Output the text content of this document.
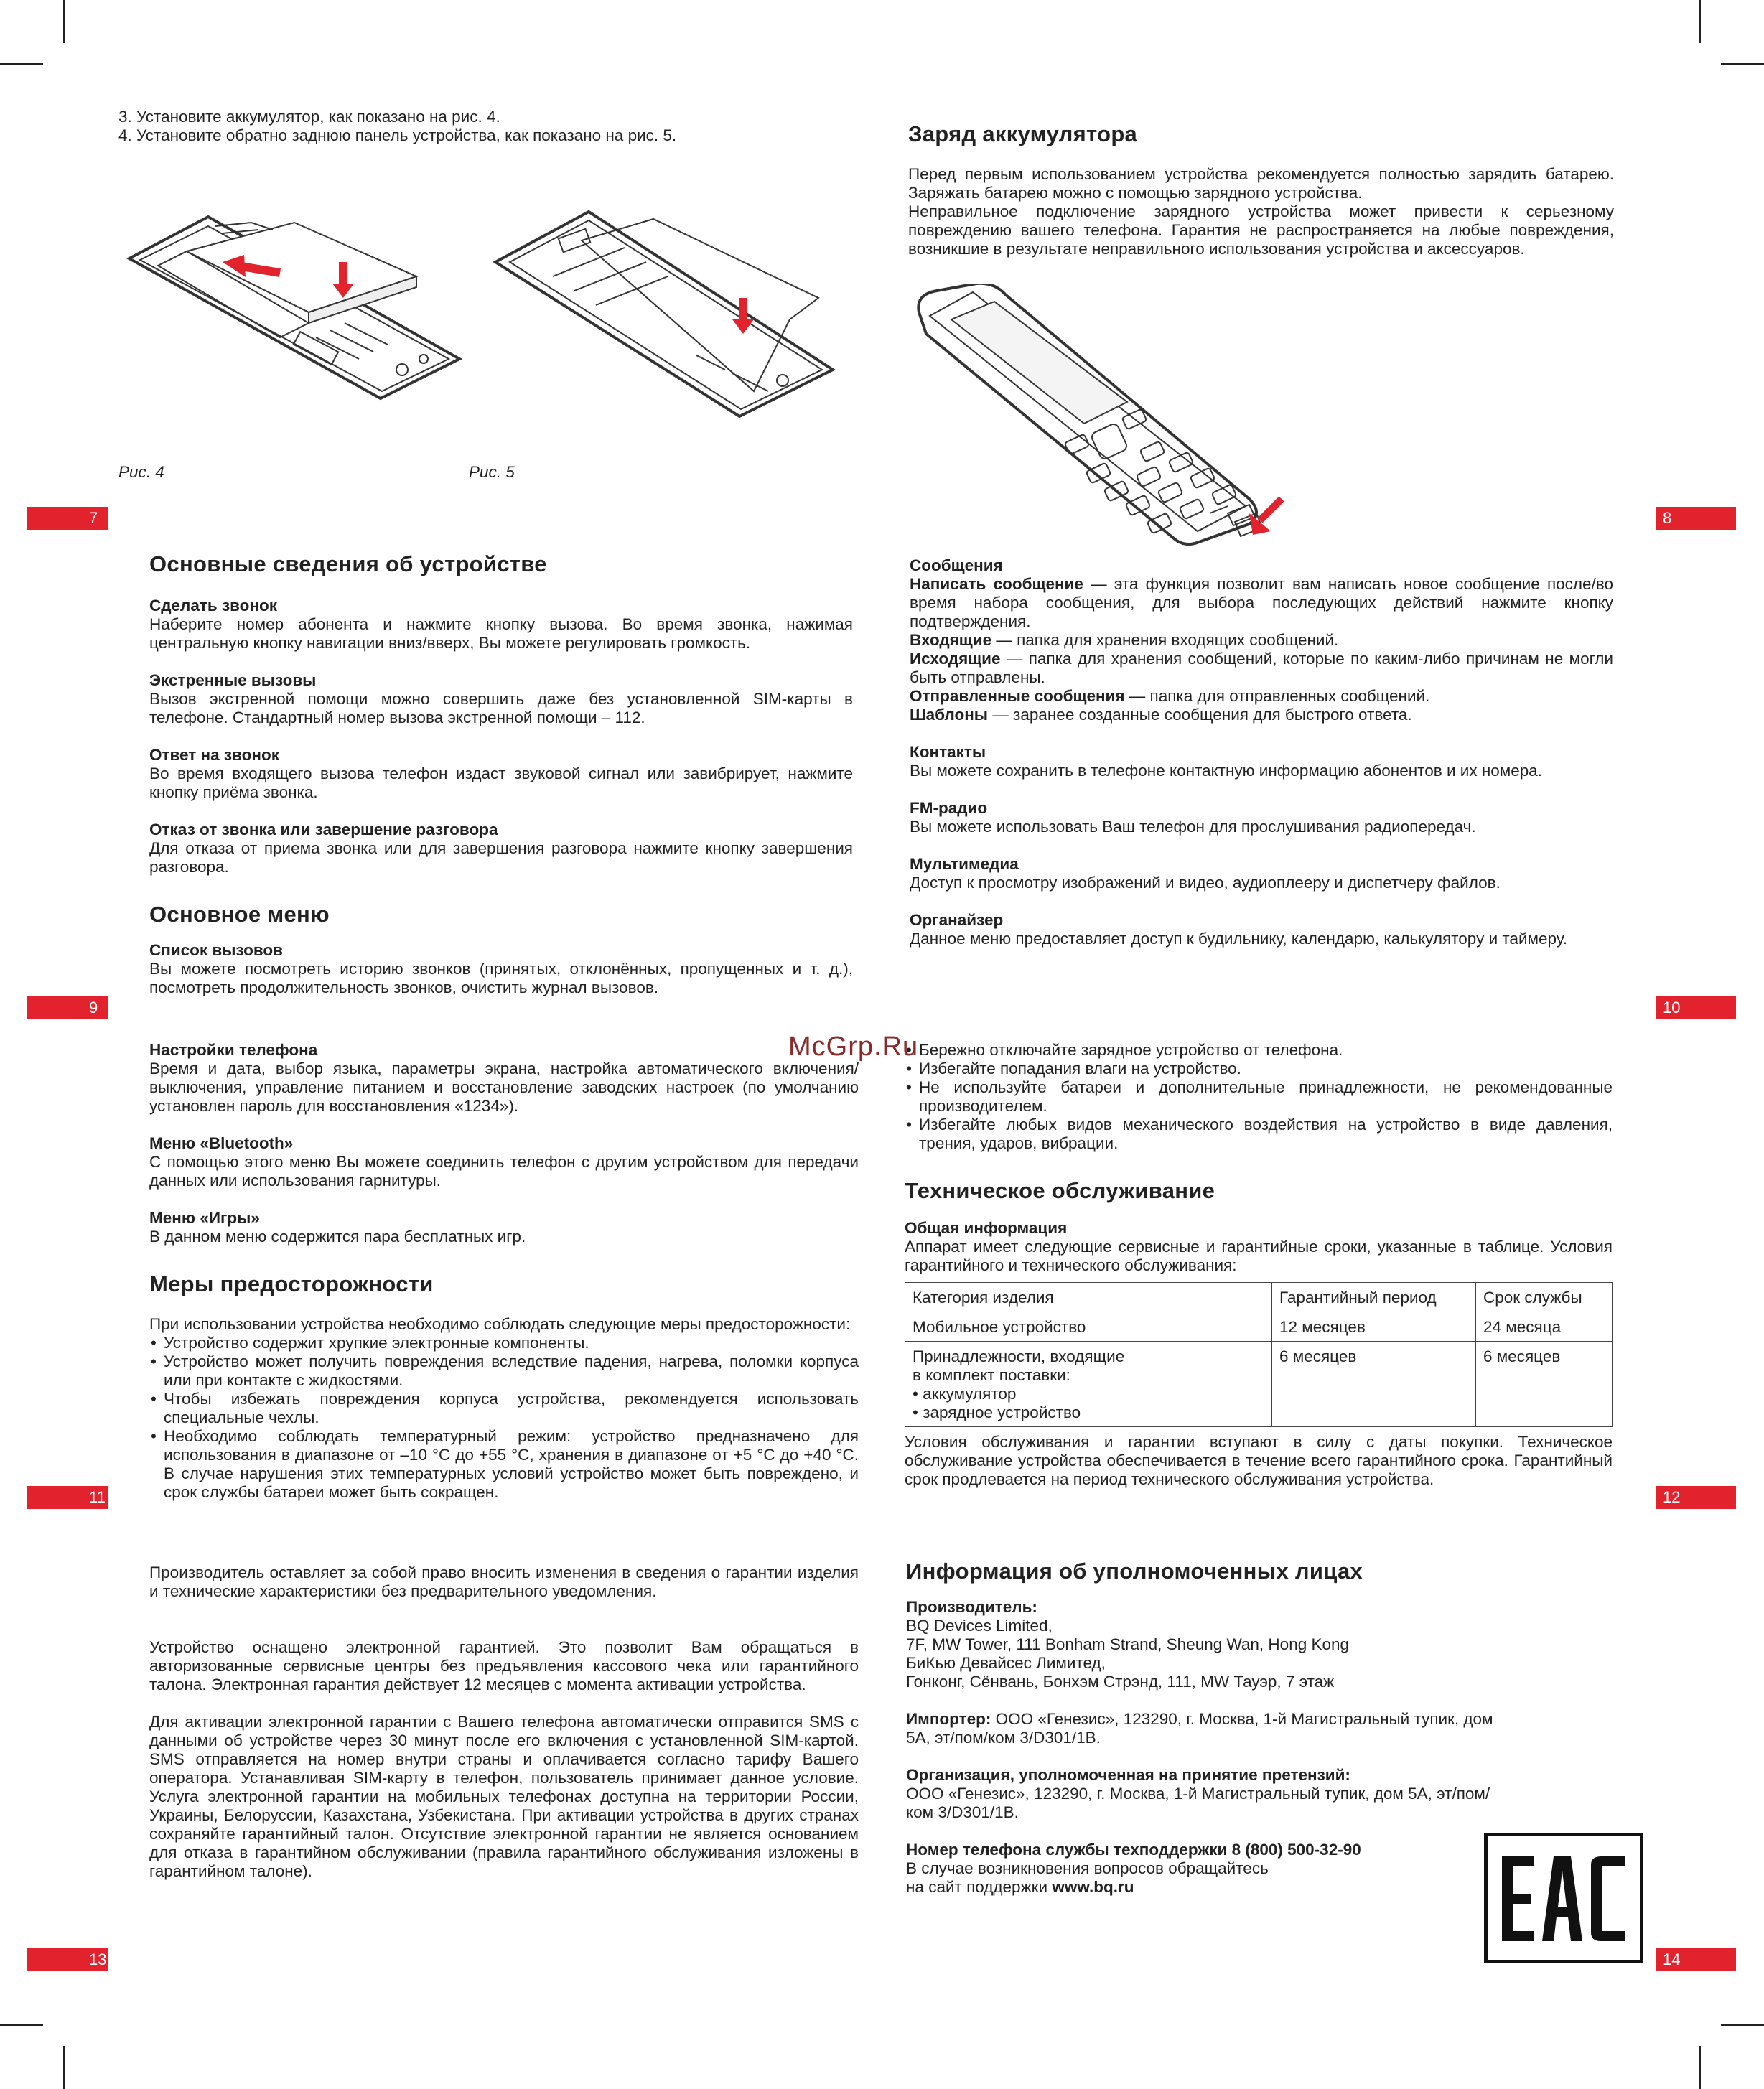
7	8
9	10
11	12
13	14

3. Установите аккумулятор, как показано на рис. 4.

4. Установите обратно заднюю панель устройства, как показано на рис. 5.

Рис. 4	Рис. 5
Заряд аккумулятора

Перед первым использованием устройства рекомендуется полностью зарядить батарею. Заряжать батарею можно с помощью зарядного устройства.

Неправильное подключение зарядного устройства может привести к серьезному повреждению вашего телефона. Гарантия не распространяется на любые повреждения, возникшие в результате неправильного использования устройства и аксессуаров.

Основные сведения об устройстве

Сделать звонок

Наберите номер абонента и нажмите кнопку вызова. Во время звонка, нажимая центральную кнопку навигации вниз/вверх, Вы можете регулировать громкость.

Экстренные вызовы

Вызов экстренной помощи можно совершить даже без установленной SIM-карты в телефоне. Стандартный номер вызова экстренной помощи – 112.

Ответ на звонок

Во время входящего вызова телефон издаст звуковой сигнал или завибрирует, нажмите кнопку приёма звонка.

Отказ от звонка или завершение разговора

Для отказа от приема звонка или для завершения разговора нажмите кнопку завершения разговора.

Основное меню

Список вызовов

Вы можете посмотреть историю звонков (принятых, отклонённых, пропущенных и т. д.), посмотреть продолжительность звонков, очистить журнал вызовов.

Сообщения

Написать сообщение — эта функция позволит вам написать новое сообщение после/во время набора сообщения, для выбора последующих действий нажмите кнопку подтверждения.

Входящие — папка для хранения входящих сообщений.

Исходящие — папка для хранения сообщений, которые по каким-либо причинам не могли быть отправлены.

Отправленные сообщения — папка для отправленных сообщений.

Шаблоны — заранее созданные сообщения для быстрого ответа.

Контакты

Вы можете сохранить в телефоне контактную информацию абонентов и их номера.

FM-радио

Вы можете использовать Ваш телефон для прослушивания радиопередач.

Мультимедиа

Доступ к просмотру изображений и видео, аудиоплееру и диспетчеру файлов.

Органайзер

Данное меню предоставляет доступ к будильнику, календарю, калькулятору и таймеру.

Настройки телефона

Время и дата, выбор языка, параметры экрана, настройка автоматического включения/выключения, управление питанием и восстановление заводских настроек (по умолчанию установлен пароль для восстановления «1234»).

Меню «Bluetooth»

С помощью этого меню Вы можете соединить телефон с другим устройством для передачи данных или использования гарнитуры.

Меню «Игры»

В данном меню содержится пара бесплатных игр.

Меры предосторожности

При использовании устройства необходимо соблюдать следующие меры предосторожности:

• Устройство содержит хрупкие электронные компоненты.
• Устройство может получить повреждения вследствие падения, нагрева, поломки корпуса или при контакте с жидкостями.
• Чтобы избежать повреждения корпуса устройства, рекомендуется использовать специальные чехлы.
• Необходимо соблюдать температурный режим: устройство предназначено для использования в диапазоне от –10 °С до +55 °С, хранения в диапазоне от +5 °С до +40 °С. В случае нарушения этих температурных условий устройство может быть повреждено, и срок службы батареи может быть сокращен.
McGrp.Ru • Бережно отключайте зарядное устройство от телефона.
• Избегайте попадания влаги на устройство.
• Не используйте батареи и дополнительные принадлежности, не рекомендованные производителем.
• Избегайте любых видов механического воздействия на устройство в виде давления, трения, ударов, вибрации.
Техническое обслуживание

Общая информация

Аппарат имеет следующие сервисные и гарантийные сроки, указанные в таблице. Условия гарантийного и технического обслуживания:

Категория изделия	Гарантийный период	Срок службы
Мобильное устройство	12 месяцев	24 месяца

Принадлежности, входящие
в комплект поставки:
• аккумулятор
• зарядное устройство	6 месяцев	6 месяцев

Условия обслуживания и гарантии вступают в силу с даты покупки. Техническое обслуживание устройства обеспечивается в течение всего гарантийного срока. Гарантийный срок продлевается на период технического обслуживания устройства.

Производитель оставляет за собой право вносить изменения в сведения о гарантии изделия и технические характеристики без предварительного уведомления.

Устройство оснащено электронной гарантией. Это позволит Вам обращаться в авторизованные сервисные центры без предъявления кассового чека или гарантийного талона. Электронная гарантия действует 12 месяцев с момента активации устройства.

Для активации электронной гарантии с Вашего телефона автоматически отправится SMS с данными об устройстве через 30 минут после его включения с установленной SIM-картой. SMS отправляется на номер внутри страны и оплачивается согласно тарифу Вашего оператора. Устанавливая SIM-карту в телефон, пользователь принимает данное условие. Услуга электронной гарантии на мобильных телефонах доступна на территории России, Украины, Белоруссии, Казахстана, Узбекистана. При активации устройства в других странах сохраняйте гарантийный талон. Отсутствие электронной гарантии не является основанием для отказа в гарантийном обслуживании (правила гарантийного обслуживания изложены в гарантийном талоне).

Информация об уполномоченных лицах

Производитель:

BQ Devices Limited,

7F, MW Tower, 111 Bonham Strand, Sheung Wan, Hong Kong

БиКью Девайсес Лимитед,

Гонконг, Сёнвань, Бонхэм Стрэнд, 111, MW Тауэр, 7 этаж

Импортер: ООО «Генезис», 123290, г. Москва, 1-й Магистральный тупик, дом 5А, эт/пом/ком 3/D301/1В.

Организация, уполномоченная на принятие претензий:

ООО «Генезис», 123290, г. Москва, 1-й Магистральный тупик, дом 5А, эт/пом/ком 3/D301/1В.

Номер телефона службы техподдержки 8 (800) 500-32-90

В случае возникновения вопросов обращайтесь

на сайт поддержки www.bq.ru
